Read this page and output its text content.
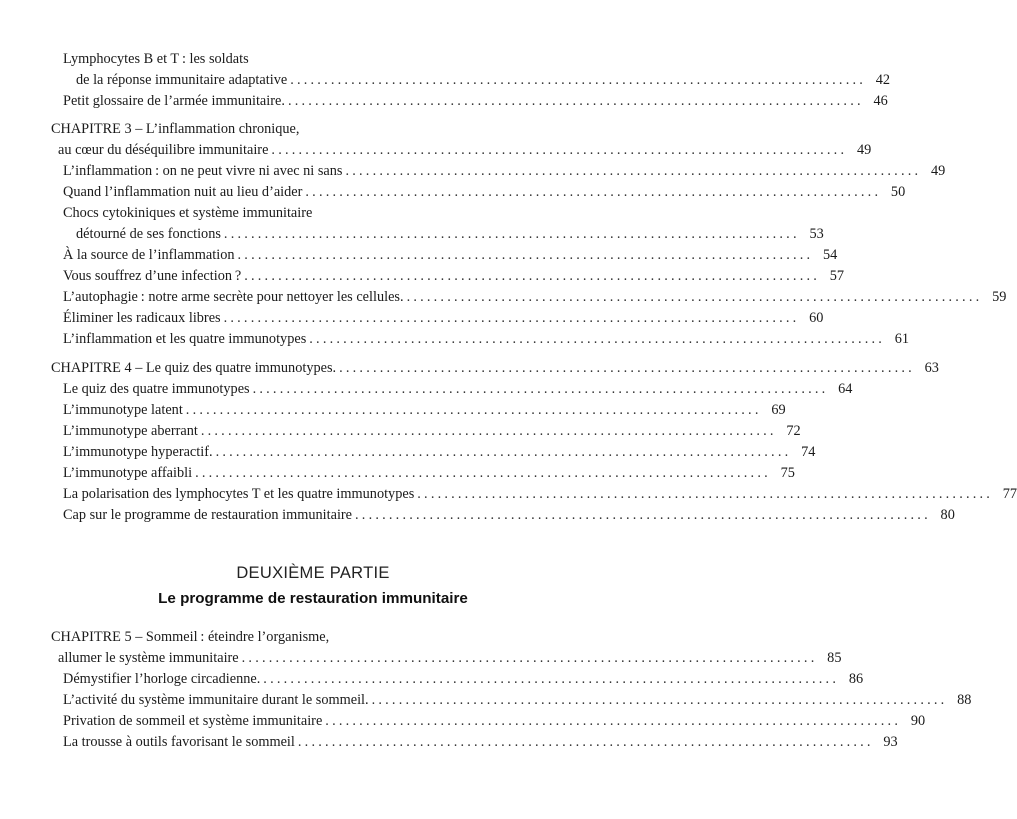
Lymphocytes B et T : les soldats
de la réponse immunitaire adaptative ..................................................................................... 42
Petit glossaire de l’armée immunitaire. ..................................................................................... 46
CHAPITRE 3 – L’inflammation chronique,
au cœur du déséquilibre immunitaire ..................................................................................... 49
L’inflammation : on ne peut vivre ni avec ni sans ..................................................................................... 49
Quand l’inflammation nuit au lieu d’aider ..................................................................................... 50
Chocs cytokiniques et système immunitaire
détourné de ses fonctions ..................................................................................... 53
À la source de l’inflammation ..................................................................................... 54
Vous souffrez d’une infection ? ..................................................................................... 57
L’autophagie : notre arme secrète pour nettoyer les cellules. ..................................................................................... 59
Éliminer les radicaux libres ..................................................................................... 60
L’inflammation et les quatre immunotypes ..................................................................................... 61
CHAPITRE 4 – Le quiz des quatre immunotypes. ..................................................................................... 63
Le quiz des quatre immunotypes ..................................................................................... 64
L’immunotype latent ..................................................................................... 69
L’immunotype aberrant ..................................................................................... 72
L’immunotype hyperactif. ..................................................................................... 74
L’immunotype affaibli ..................................................................................... 75
La polarisation des lymphocytes T et les quatre immunotypes ..................................................................................... 77
Cap sur le programme de restauration immunitaire ..................................................................................... 80
DEUXIÈME PARTIE
Le programme de restauration immunitaire
CHAPITRE 5 – Sommeil : éteindre l’organisme,
allumer le système immunitaire ..................................................................................... 85
Démystifier l’horloge circadienne. ..................................................................................... 86
L’activité du système immunitaire durant le sommeil. ..................................................................................... 88
Privation de sommeil et système immunitaire ..................................................................................... 90
La trousse à outils favorisant le sommeil ..................................................................................... 93
